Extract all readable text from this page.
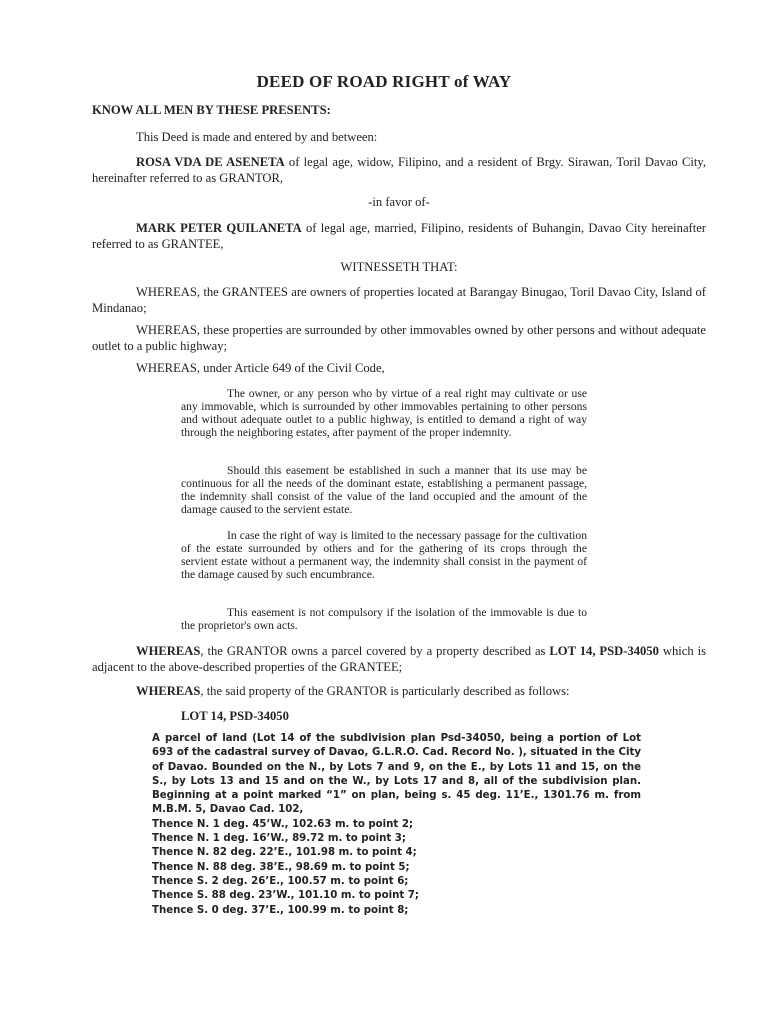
DEED OF ROAD RIGHT of WAY

KNOW ALL MEN BY THESE PRESENTS:

This Deed is made and entered by and between:

ROSA VDA DE ASENETA of legal age, widow, Filipino, and a resident of Brgy. Sirawan, Toril Davao City, hereinafter referred to as GRANTOR,

-in favor of-

MARK PETER QUILANETA of legal age, married, Filipino, residents of Buhangin, Davao City hereinafter referred to as GRANTEE,

WITNESSETH THAT:

WHEREAS, the GRANTEES are owners of properties located at Barangay Binugao, Toril Davao City, Island of Mindanao;

WHEREAS, these properties are surrounded by other immovables owned by other persons and without adequate outlet to a public highway;

WHEREAS, under Article 649 of the Civil Code,

The owner, or any person who by virtue of a real right may cultivate or use any immovable, which is surrounded by other immovables pertaining to other persons and without adequate outlet to a public highway, is entitled to demand a right of way through the neighboring estates, after payment of the proper indemnity.

Should this easement be established in such a manner that its use may be continuous for all the needs of the dominant estate, establishing a permanent passage, the indemnity shall consist of the value of the land occupied and the amount of the damage caused to the servient estate.

In case the right of way is limited to the necessary passage for the cultivation of the estate surrounded by others and for the gathering of its crops through the servient estate without a permanent way, the indemnity shall consist in the payment of the damage caused by such encumbrance.

This easement is not compulsory if the isolation of the immovable is due to the proprietor's own acts.

WHEREAS, the GRANTOR owns a parcel covered by a property described as LOT 14, PSD-34050 which is adjacent to the above-described properties of the GRANTEE;

WHEREAS, the said property of the GRANTOR is particularly described as follows:

LOT 14, PSD-34050
A parcel of land (Lot 14 of the subdivision plan Psd-34050, being a portion of Lot 693 of the cadastral survey of Davao, G.L.R.O. Cad. Record No. ), situated in the City of Davao. Bounded on the N., by Lots 7 and 9, on the E., by Lots 11 and 15, on the S., by Lots 13 and 15 and on the W., by Lots 17 and 8, all of the subdivision plan. Beginning at a point marked “1” on plan, being s. 45 deg. 11’E., 1301.76 m. from M.B.M. 5, Davao Cad. 102,
Thence N. 1 deg. 45’W., 102.63 m. to point 2;
Thence N. 1 deg. 16’W., 89.72 m. to point 3;
Thence N. 82 deg. 22’E., 101.98 m. to point 4;
Thence N. 88 deg. 38’E., 98.69 m. to point 5;
Thence S. 2 deg. 26’E., 100.57 m. to point 6;
Thence S. 88 deg. 23’W., 101.10 m. to point 7;
Thence S. 0 deg. 37’E., 100.99 m. to point 8;
